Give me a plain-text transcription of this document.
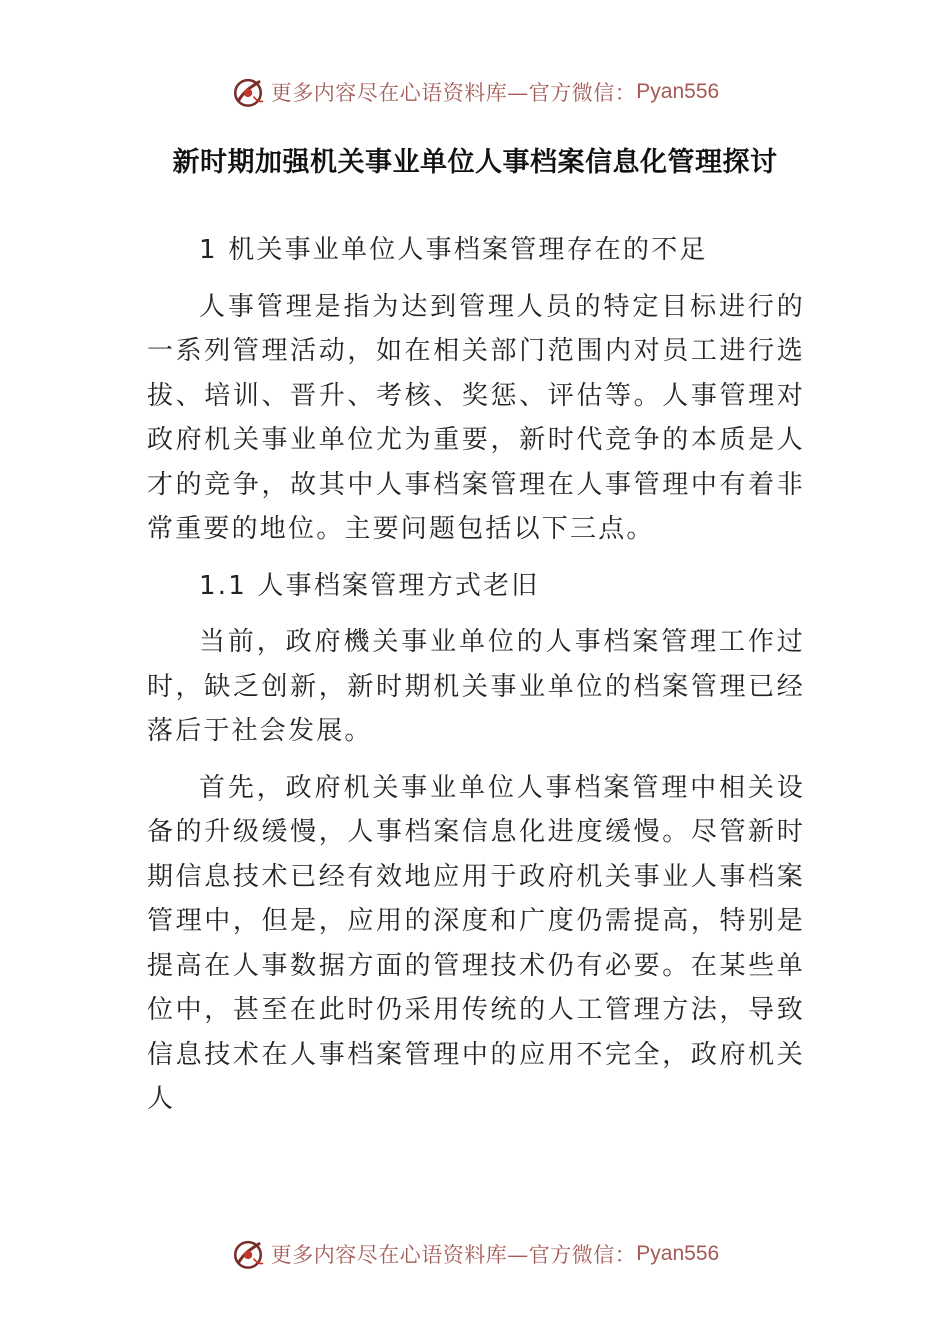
更多内容尽在心语资料库—官方微信： Pyan556
新时期加强机关事业单位人事档案信息化管理探讨

1 机关事业单位人事档案管理存在的不足

人事管理是指为达到管理人员的特定目标进行的一系列管理活动，如在相关部门范围内对员工进行选拔、培训、晋升、考核、奖惩、评估等。人事管理对政府机关事业单位尤为重要，新时代竞争的本质是人才的竞争，故其中人事档案管理在人事管理中有着非常重要的地位。主要问题包括以下三点。

1.1 人事档案管理方式老旧

当前，政府機关事业单位的人事档案管理工作过时，缺乏创新，新时期机关事业单位的档案管理已经落后于社会发展。

首先，政府机关事业单位人事档案管理中相关设备的升级缓慢，人事档案信息化进度缓慢。尽管新时期信息技术已经有效地应用于政府机关事业人事档案管理中，但是，应用的深度和广度仍需提高，特别是提高在人事数据方面的管理技术仍有必要。在某些单位中，甚至在此时仍采用传统的人工管理方法，导致信息技术在人事档案管理中的应用不完全，政府机关人

更多内容尽在心语资料库—官方微信： Pyan556
